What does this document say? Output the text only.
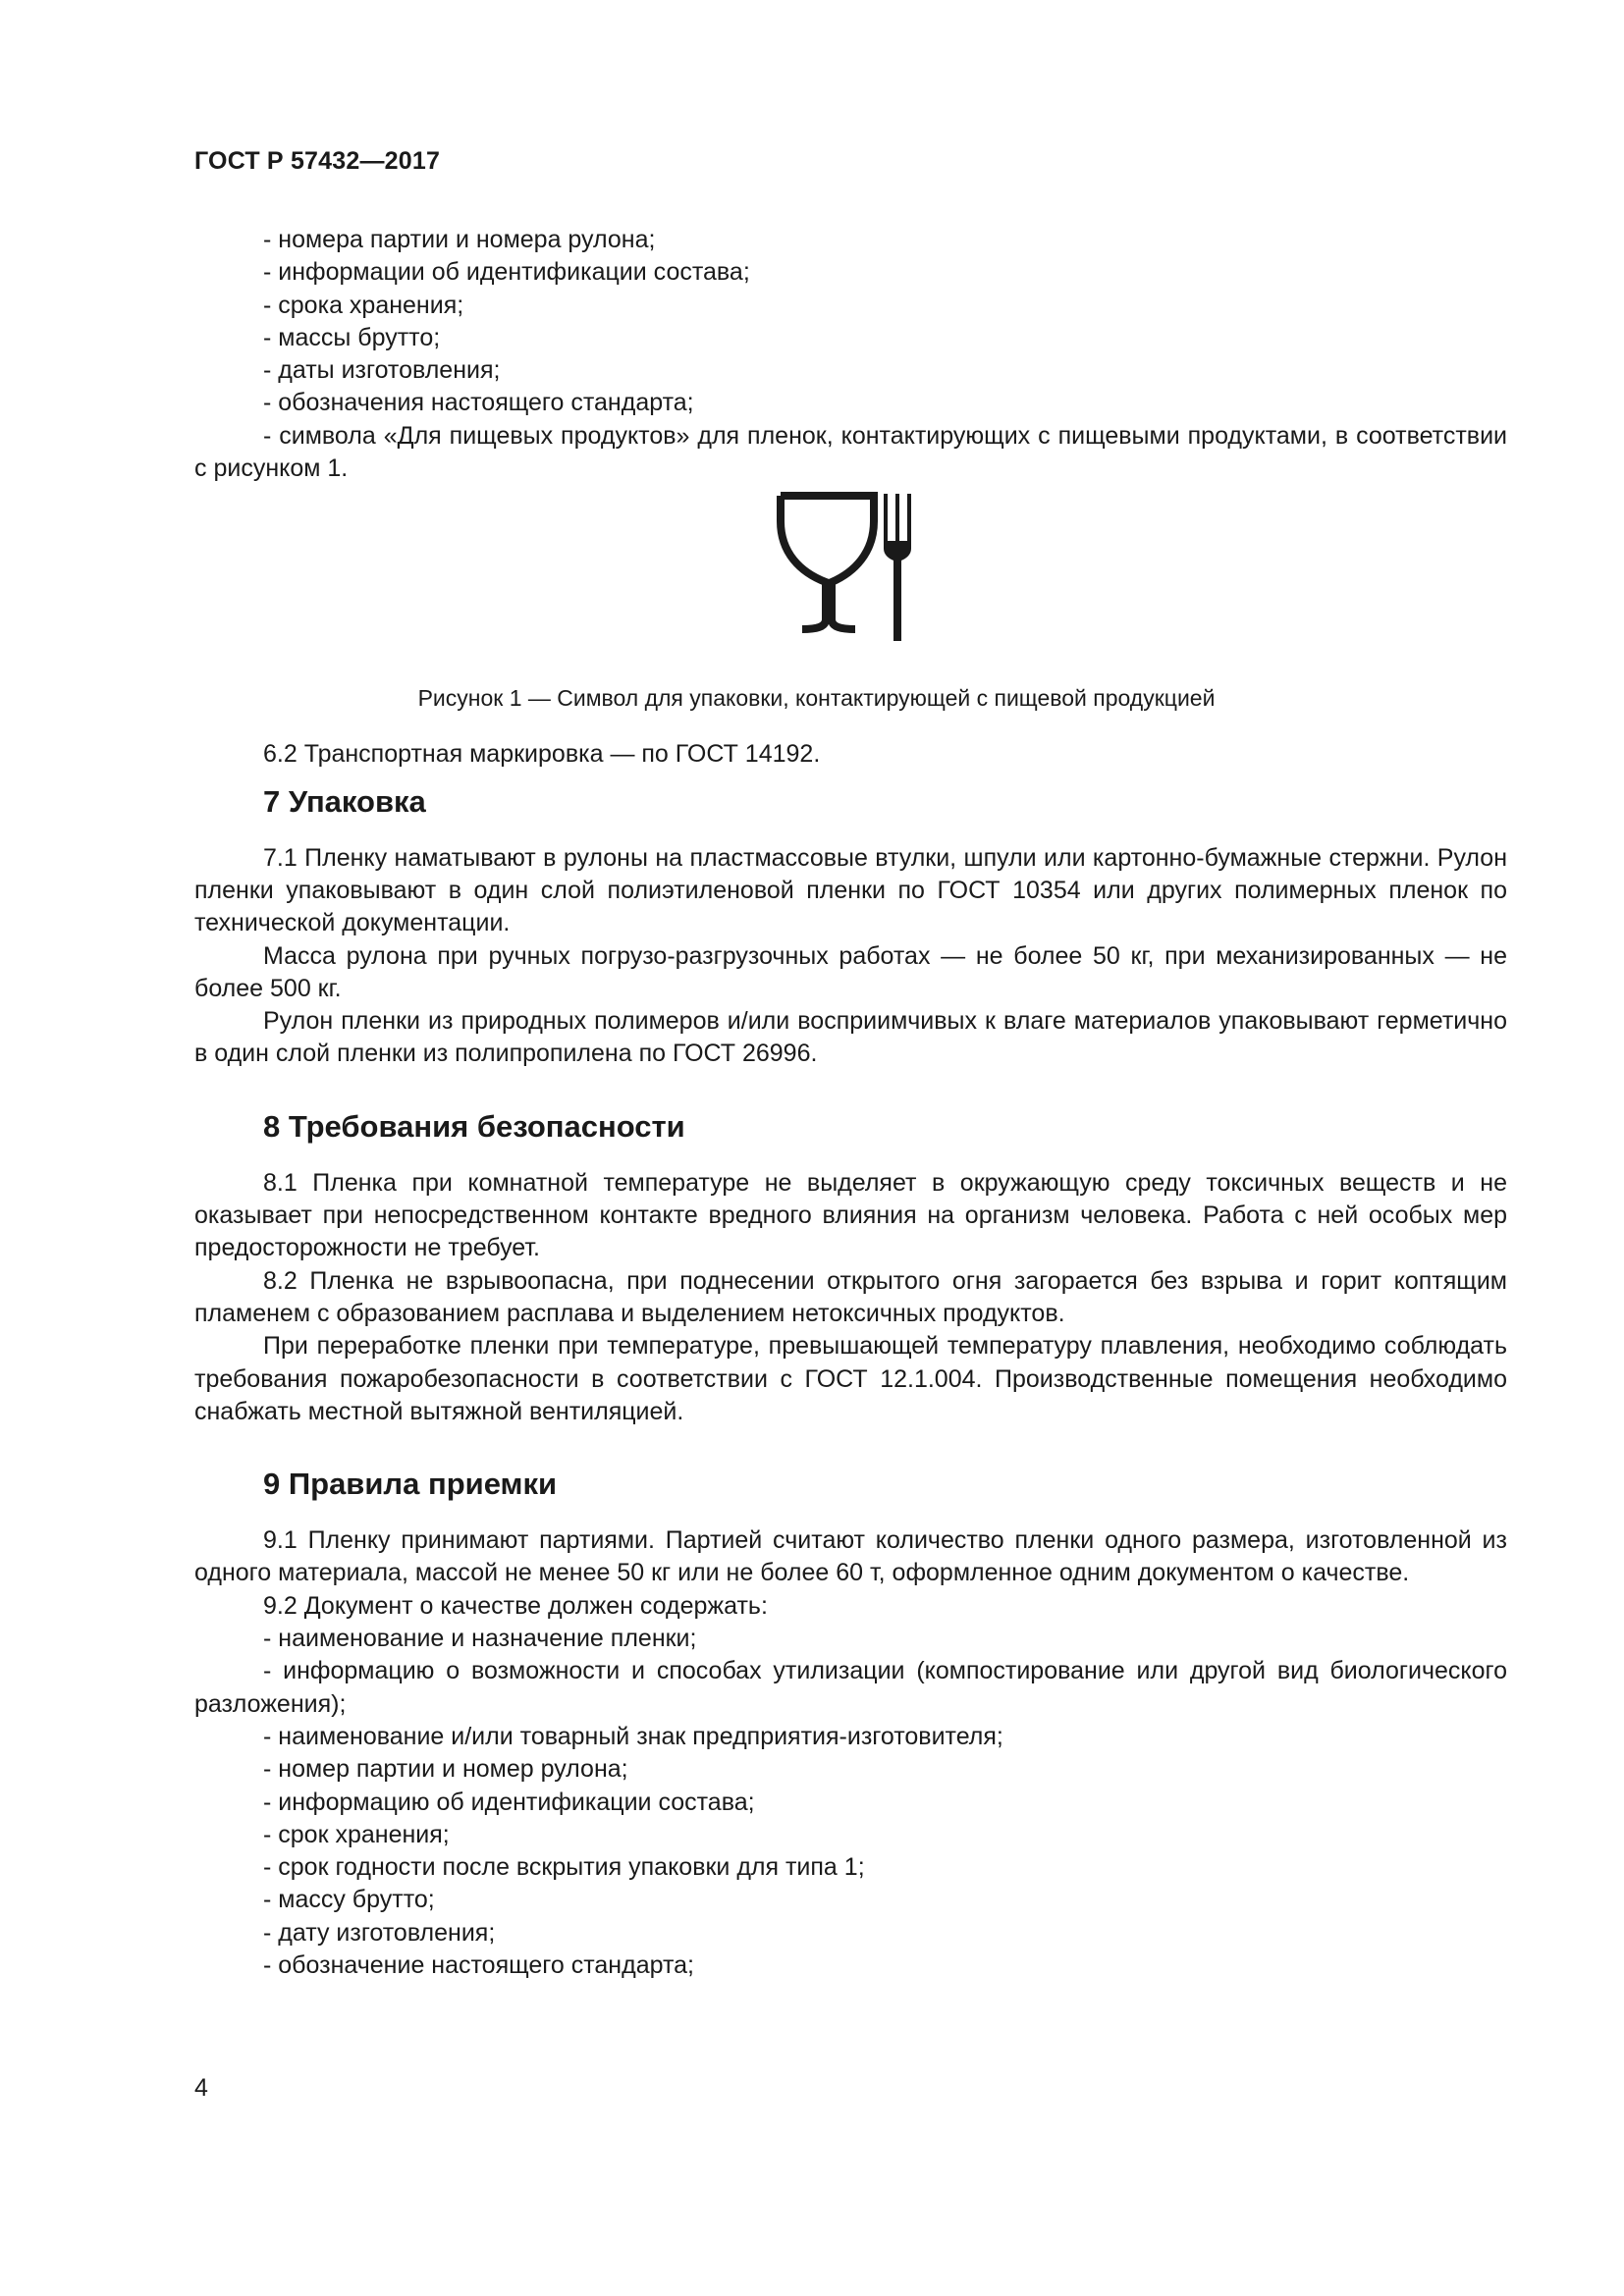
ГОСТ Р 57432—2017
- номера партии и номера рулона;
- информации об идентификации состава;
- срока хранения;
- массы брутто;
- даты изготовления;
- обозначения настоящего стандарта;
- символа «Для пищевых продуктов» для пленок, контактирующих с пищевыми продуктами, в соответствии с рисунком 1.
Рисунок 1 — Символ для упаковки, контактирующей с пищевой продукцией
6.2 Транспортная маркировка — по ГОСТ 14192.
7 Упаковка
7.1 Пленку наматывают в рулоны на пластмассовые втулки, шпули или картонно-бумажные стержни. Рулон пленки упаковывают в один слой полиэтиленовой пленки по ГОСТ 10354 или других полимерных пленок по технической документации.
Масса рулона при ручных погрузо-разгрузочных работах — не более 50 кг, при механизированных — не более 500 кг.
Рулон пленки из природных полимеров и/или восприимчивых к влаге материалов упаковывают герметично в один слой пленки из полипропилена по ГОСТ 26996.
8 Требования безопасности
8.1 Пленка при комнатной температуре не выделяет в окружающую среду токсичных веществ и не оказывает при непосредственном контакте вредного влияния на организм человека. Работа с ней особых мер предосторожности не требует.
8.2 Пленка не взрывоопасна, при поднесении открытого огня загорается без взрыва и горит коптящим пламенем с образованием расплава и выделением нетоксичных продуктов.
При переработке пленки при температуре, превышающей температуру плавления, необходимо соблюдать требования пожаробезопасности в соответствии с ГОСТ 12.1.004. Производственные помещения необходимо снабжать местной вытяжной вентиляцией.
9 Правила приемки
9.1 Пленку принимают партиями. Партией считают количество пленки одного размера, изготовленной из одного материала, массой не менее 50 кг или не более 60 т, оформленное одним документом о качестве.
9.2 Документ о качестве должен содержать:
- наименование и назначение пленки;
- информацию о возможности и способах утилизации (компостирование или другой вид биологического разложения);
- наименование и/или товарный знак предприятия-изготовителя;
- номер партии и номер рулона;
- информацию об идентификации состава;
- срок хранения;
- срок годности после вскрытия упаковки для типа 1;
- массу брутто;
- дату изготовления;
- обозначение настоящего стандарта;
4
